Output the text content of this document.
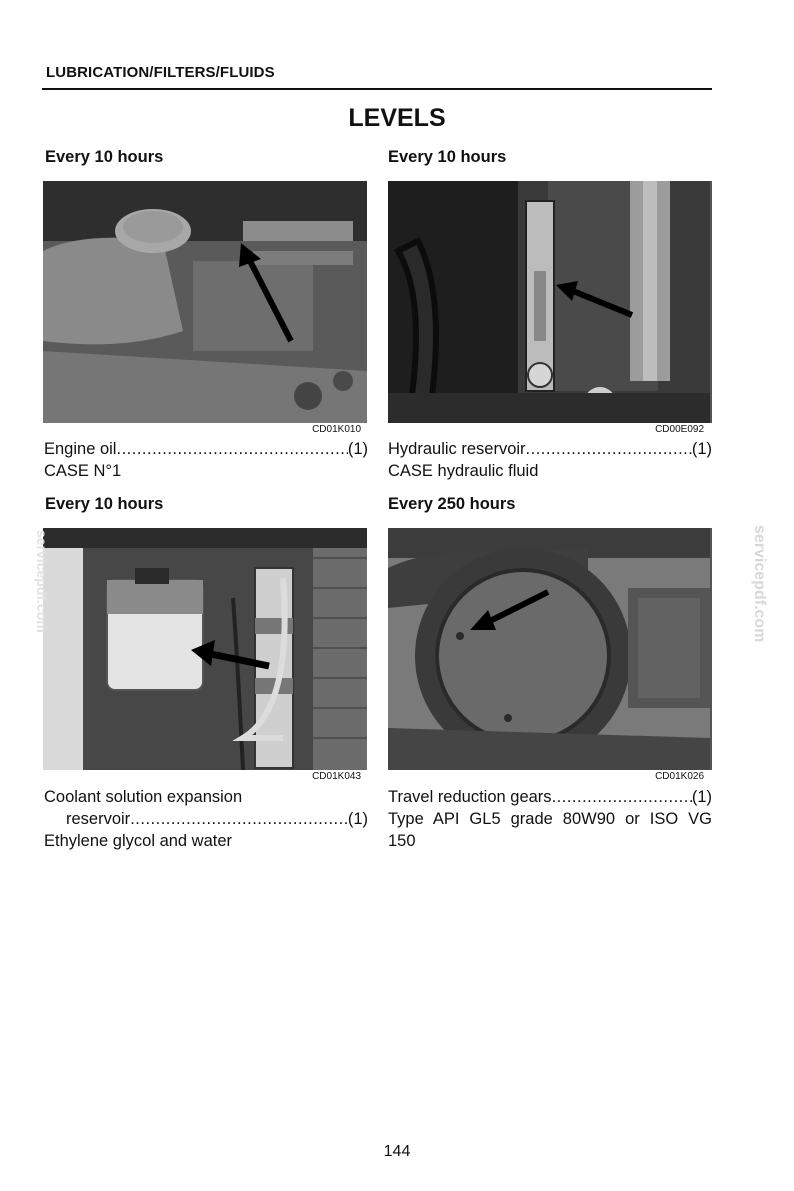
LUBRICATION/FILTERS/FLUIDS
LEVELS
Every 10 hours
CD01K010
Engine oil .....	(1)
CASE N°1
Every 10 hours
CD00E092
Hydraulic reservoir .....	(1)
CASE hydraulic fluid
Every 10 hours
CD01K043
Coolant solution expansion
reservoir .....	(1)
Ethylene glycol and water
Every 250 hours
CD01K026
Travel reduction gears .....	(1)
Type API GL5 grade 80W90 or ISO VG
150
servicepdf.com
servicepdf.com
144
